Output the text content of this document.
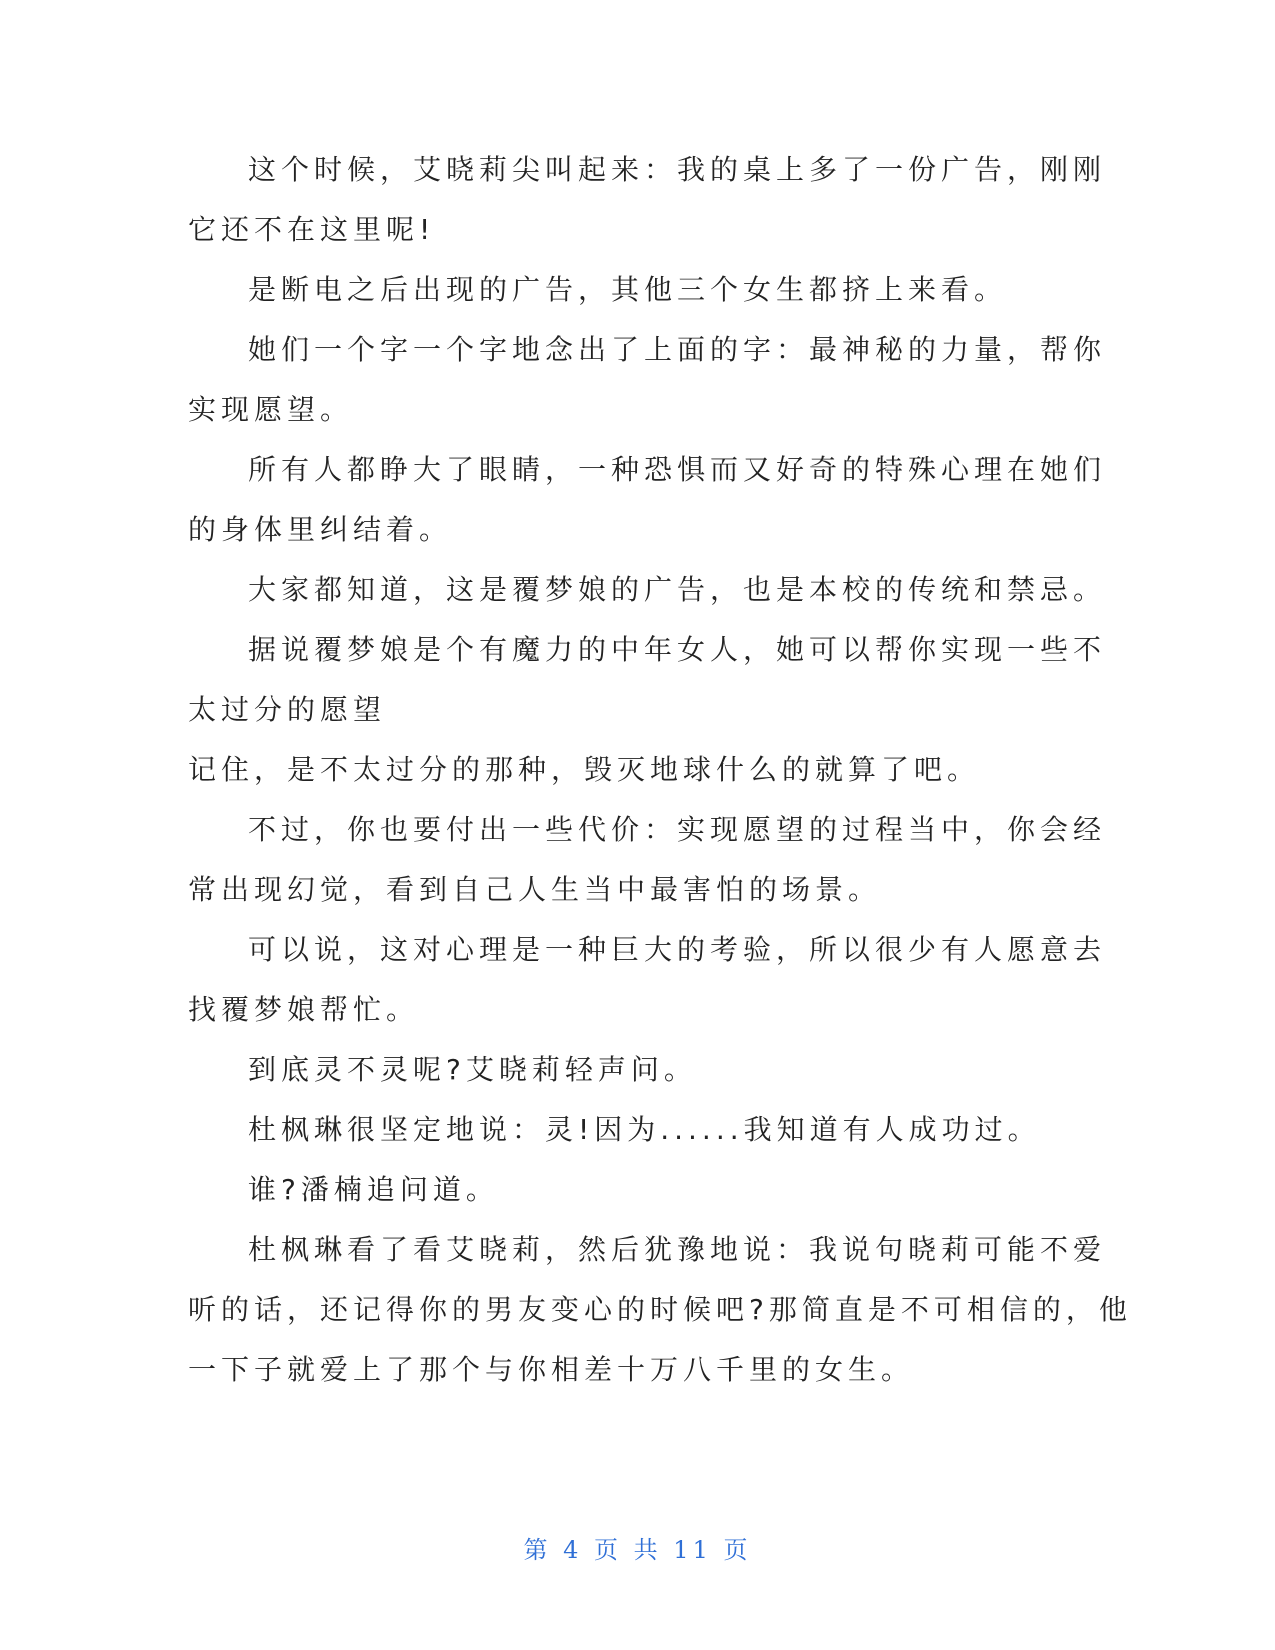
这个时候，艾晓莉尖叫起来：我的桌上多了一份广告，刚刚

它还不在这里呢!

是断电之后出现的广告，其他三个女生都挤上来看。

她们一个字一个字地念出了上面的字：最神秘的力量，帮你

实现愿望。

所有人都睁大了眼睛，一种恐惧而又好奇的特殊心理在她们

的身体里纠结着。

大家都知道，这是覆梦娘的广告，也是本校的传统和禁忌。

据说覆梦娘是个有魔力的中年女人，她可以帮你实现一些不

太过分的愿望

记住，是不太过分的那种，毁灭地球什么的就算了吧。

不过，你也要付出一些代价：实现愿望的过程当中，你会经

常出现幻觉，看到自己人生当中最害怕的场景。

可以说，这对心理是一种巨大的考验，所以很少有人愿意去

找覆梦娘帮忙。

到底灵不灵呢?艾晓莉轻声问。

杜枫琳很坚定地说：灵!因为......我知道有人成功过。

谁?潘楠追问道。

杜枫琳看了看艾晓莉，然后犹豫地说：我说句晓莉可能不爱

听的话，还记得你的男友变心的时候吧?那简直是不可相信的，他

一下子就爱上了那个与你相差十万八千里的女生。

第 4 页 共 11 页
